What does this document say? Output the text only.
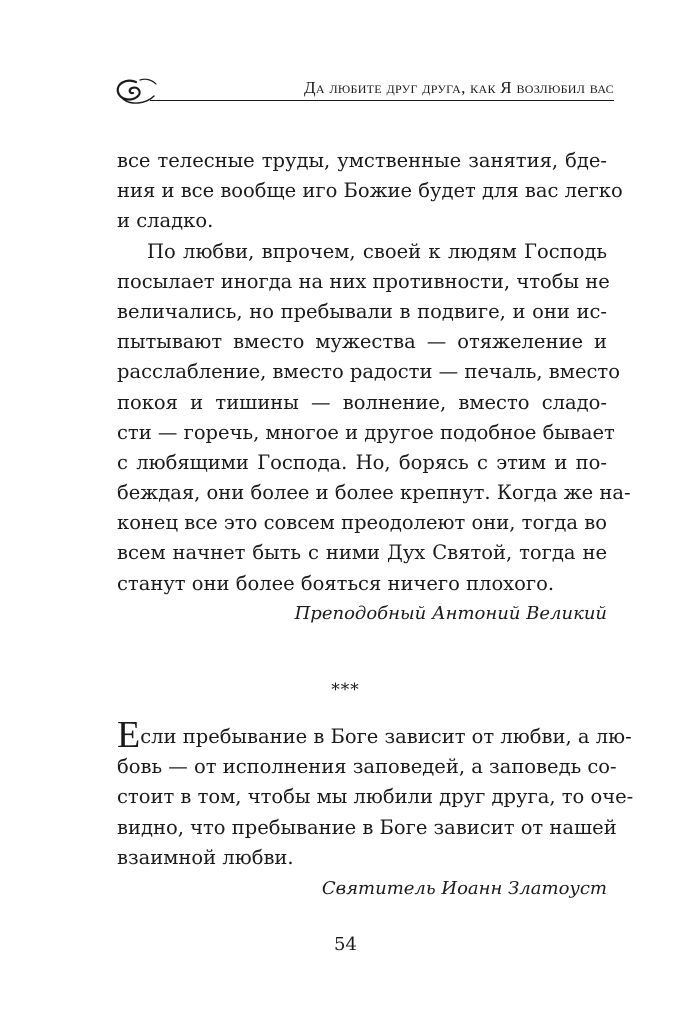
Да любите друг друга, как Я возлюбил вас
все телесные труды, умственные занятия, бде-
ния и все вообще иго Божие будет для вас легко
и сладко.
По любви, впрочем, своей к людям Господь
посылает иногда на них противности, чтобы не
величались, но пребывали в подвиге, и они ис-
пытывают вместо мужества — отяжеление и
расслабление, вместо радости — печаль, вместо
покоя и тишины — волнение, вместо сладо-
сти — горечь, многое и другое подобное бывает
с любящими Господа. Но, борясь с этим и по-
беждая, они более и более крепнут. Когда же на-
конец все это совсем преодолеют они, тогда во
всем начнет быть с ними Дух Святой, тогда не
станут они более бояться ничего плохого.
Преподобный Антоний Великий
***
Если пребывание в Боге зависит от любви, а лю-
бовь — от исполнения заповедей, а заповедь со-
стоит в том, чтобы мы любили друг друга, то оче-
видно, что пребывание в Боге зависит от нашей
взаимной любви.
Святитель Иоанн Златоуст
54
